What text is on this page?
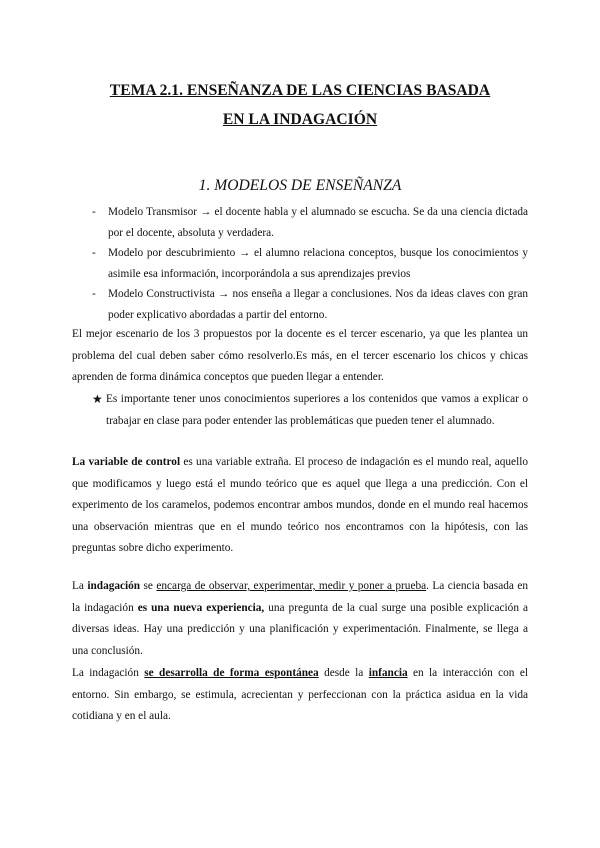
TEMA 2.1. ENSEÑANZA DE LAS CIENCIAS BASADA
EN LA INDAGACIÓN
1. MODELOS DE ENSEÑANZA
- Modelo Transmisor → el docente habla y el alumnado se escucha. Se da una ciencia dictada por el docente, absoluta y verdadera.
- Modelo por descubrimiento → el alumno relaciona conceptos, busque los conocimientos y asimile esa información, incorporándola a sus aprendizajes previos
- Modelo Constructivista → nos enseña a llegar a conclusiones. Nos da ideas claves con gran poder explicativo abordadas a partir del entorno.

El mejor escenario de los 3 propuestos por la docente es el tercer escenario, ya que les plantea un problema del cual deben saber cómo resolverlo.Es más, en el tercer escenario los chicos y chicas aprenden de forma dinámica conceptos que pueden llegar a entender.

★ Es importante tener unos conocimientos superiores a los contenidos que vamos a explicar o trabajar en clase para poder entender las problemáticas que pueden tener el alumnado.

La variable de control es una variable extraña. El proceso de indagación es el mundo real, aquello que modificamos y luego está el mundo teórico que es aquel que llega a una predicción. Con el experimento de los caramelos, podemos encontrar ambos mundos, donde en el mundo real hacemos una observación mientras que en el mundo teórico nos encontramos con la hipótesis, con las preguntas sobre dicho experimento.

La indagación se encarga de observar, experimentar, medir y poner a prueba. La ciencia basada en la indagación es una nueva experiencia, una pregunta de la cual surge una posible explicación a diversas ideas. Hay una predicción y una planificación y experimentación. Finalmente, se llega a una conclusión.

La indagación se desarrolla de forma espontánea desde la infancia en la interacción con el entorno. Sin embargo, se estimula, acrecientan y perfeccionan con la práctica asidua en la vida cotidiana y en el aula.
